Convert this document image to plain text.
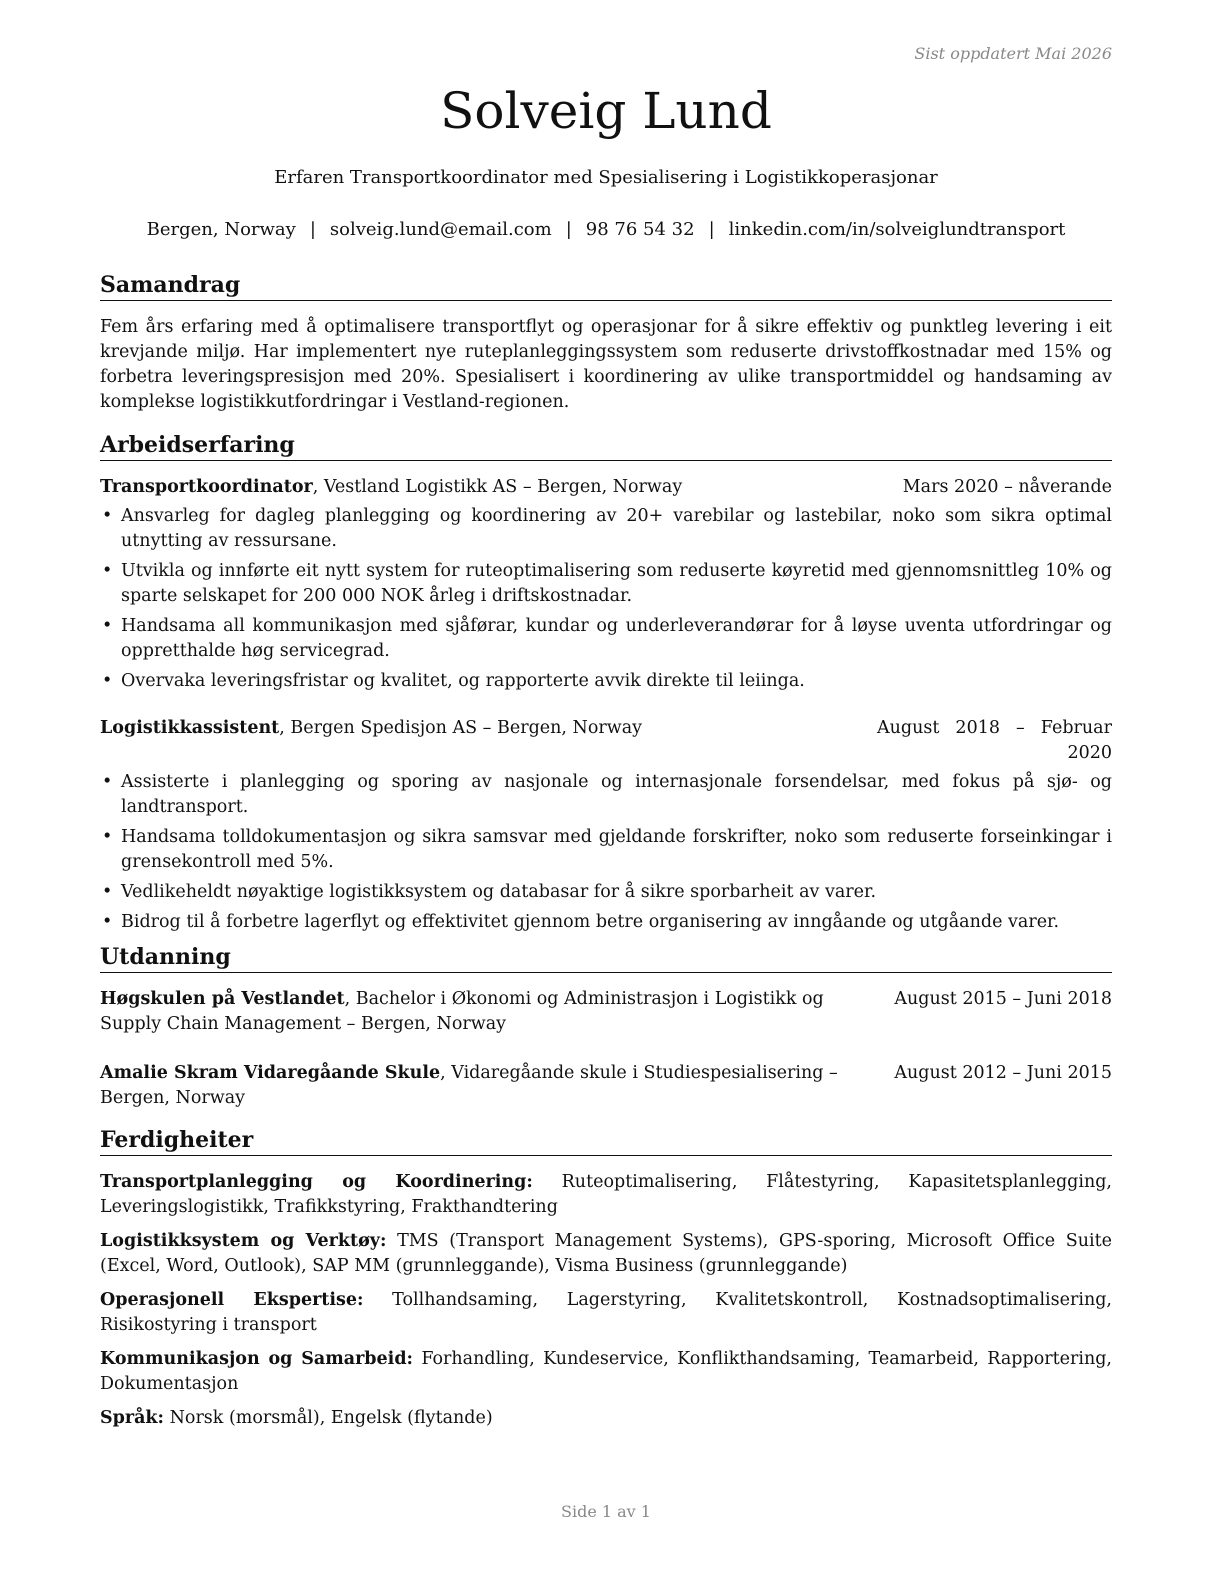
Sist oppdatert Mai 2026
Solveig Lund
Erfaren Transportkoordinator med Spesialisering i Logistikkoperasjonar
Bergen, Norway | solveig.lund@email.com | 98 76 54 32 | linkedin.com/in/solveiglundtransport
Samandrag
Fem års erfaring med å optimalisere transportflyt og operasjonar for å sikre effektiv og punktleg levering i eit krevjande miljø. Har implementert nye ruteplanleggingssystem som reduserte drivstoffkostnadar med 15% og forbetra leveringspresisjon med 20%. Spesialisert i koordinering av ulike transportmiddel og handsaming av komplekse logistikkutfordringar i Vestland-regionen.
Arbeidserfaring
Transportkoordinator, Vestland Logistikk AS – Bergen, Norway	Mars 2020 – nåverande
• Ansvarleg for dagleg planlegging og koordinering av 20+ varebilar og lastebilar, noko som sikra optimal utnytting av ressursane.
• Utvikla og innførte eit nytt system for ruteoptimalisering som reduserte køyretid med gjennomsnittleg 10% og sparte selskapet for 200 000 NOK årleg i driftskostnadar.
• Handsama all kommunikasjon med sjåførar, kundar og underleverandørar for å løyse uventa utfordringar og oppretthalde høg servicegrad.
• Overvaka leveringsfristar og kvalitet, og rapporterte avvik direkte til leiinga.
Logistikkassistent, Bergen Spedisjon AS – Bergen, Norway	August 2018 – Februar 2020
• Assisterte i planlegging og sporing av nasjonale og internasjonale forsendelsar, med fokus på sjø- og landtransport.
• Handsama tolldokumentasjon og sikra samsvar med gjeldande forskrifter, noko som reduserte forseinkingar i grensekontroll med 5%.
• Vedlikeheldt nøyaktige logistikksystem og databasar for å sikre sporbarheit av varer.
• Bidrog til å forbetre lagerflyt og effektivitet gjennom betre organisering av inngåande og utgåande varer.
Utdanning
Høgskulen på Vestlandet, Bachelor i Økonomi og Administrasjon i Logistikk og Supply Chain Management – Bergen, Norway
August 2015 – Juni 2018
Amalie Skram Vidaregåande Skule, Vidaregåande skule i Studiespesialisering – Bergen, Norway
August 2012 – Juni 2015
Ferdigheiter
Transportplanlegging og Koordinering: Ruteoptimalisering, Flåtestyring, Kapasitetsplanlegging, Leveringslogistikk, Trafikkstyring, Frakthandtering
Logistikksystem og Verktøy: TMS (Transport Management Systems), GPS-sporing, Microsoft Office Suite (Excel, Word, Outlook), SAP MM (grunnleggande), Visma Business (grunnleggande)
Operasjonell Ekspertise: Tollhandsaming, Lagerstyring, Kvalitetskontroll, Kostnadsoptimalisering, Risikostyring i transport
Kommunikasjon og Samarbeid: Forhandling, Kundeservice, Konflikthandsaming, Teamarbeid, Rapportering, Dokumentasjon
Språk: Norsk (morsmål), Engelsk (flytande)
Side 1 av 1
